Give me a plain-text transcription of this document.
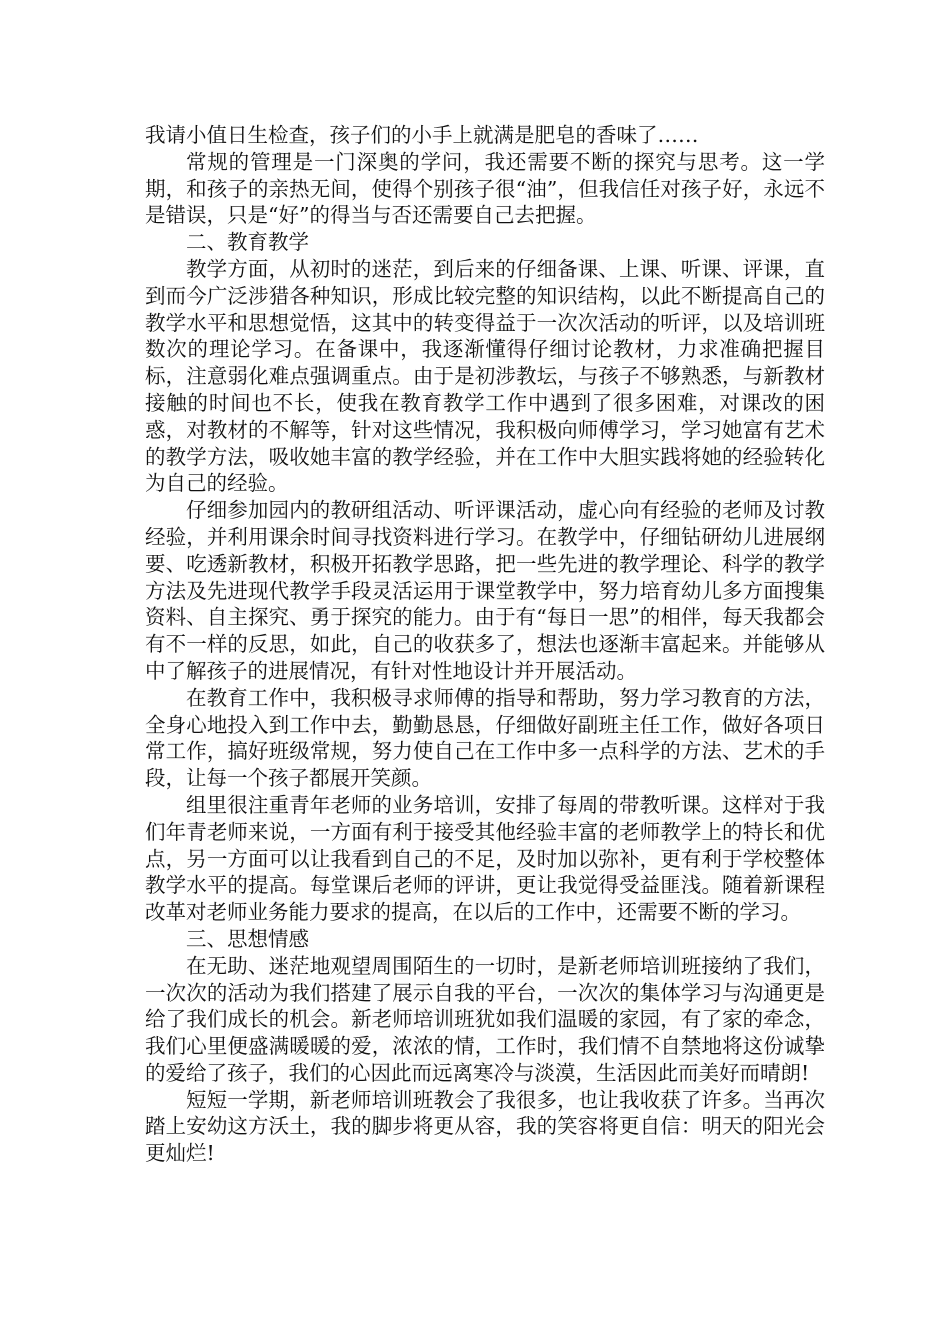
我请小值日生检查，孩子们的小手上就满是肥皂的香味了……

常规的管理是一门深奥的学问，我还需要不断的探究与思考。这一学期，和孩子的亲热无间，使得个别孩子很“油”，但我信任对孩子好，永远不是错误，只是“好”的得当与否还需要自己去把握。

二、教育教学

教学方面，从初时的迷茫，到后来的仔细备课、上课、听课、评课，直到而今广泛涉猎各种知识，形成比较完整的知识结构，以此不断提高自己的教学水平和思想觉悟，这其中的转变得益于一次次活动的听评，以及培训班数次的理论学习。在备课中，我逐渐懂得仔细讨论教材，力求准确把握目标，注意弱化难点强调重点。由于是初涉教坛，与孩子不够熟悉，与新教材接触的时间也不长，使我在教育教学工作中遇到了很多困难，对课改的困惑，对教材的不解等，针对这些情况，我积极向师傅学习，学习她富有艺术的教学方法，吸收她丰富的教学经验，并在工作中大胆实践将她的经验转化为自己的经验。

仔细参加园内的教研组活动、听评课活动，虚心向有经验的老师及讨教经验，并利用课余时间寻找资料进行学习。在教学中，仔细钻研幼儿进展纲要、吃透新教材，积极开拓教学思路，把一些先进的教学理论、科学的教学方法及先进现代教学手段灵活运用于课堂教学中，努力培育幼儿多方面搜集资料、自主探究、勇于探究的能力。由于有“每日一思”的相伴，每天我都会有不一样的反思，如此，自己的收获多了，想法也逐渐丰富起来。并能够从中了解孩子的进展情况，有针对性地设计并开展活动。

在教育工作中，我积极寻求师傅的指导和帮助，努力学习教育的方法，全身心地投入到工作中去，勤勤恳恳，仔细做好副班主任工作，做好各项日常工作，搞好班级常规，努力使自己在工作中多一点科学的方法、艺术的手段，让每一个孩子都展开笑颜。

组里很注重青年老师的业务培训，安排了每周的带教听课。这样对于我们年青老师来说，一方面有利于接受其他经验丰富的老师教学上的特长和优点，另一方面可以让我看到自己的不足，及时加以弥补，更有利于学校整体教学水平的提高。每堂课后老师的评讲，更让我觉得受益匪浅。随着新课程改革对老师业务能力要求的提高，在以后的工作中，还需要不断的学习。

三、思想情感

在无助、迷茫地观望周围陌生的一切时，是新老师培训班接纳了我们，一次次的活动为我们搭建了展示自我的平台，一次次的集体学习与沟通更是给了我们成长的机会。新老师培训班犹如我们温暖的家园，有了家的牵念，我们心里便盛满暖暖的爱，浓浓的情，工作时，我们情不自禁地将这份诚挚的爱给了孩子，我们的心因此而远离寒冷与淡漠，生活因此而美好而晴朗!

短短一学期，新老师培训班教会了我很多，也让我收获了许多。当再次踏上安幼这方沃土，我的脚步将更从容，我的笑容将更自信：明天的阳光会更灿烂!
